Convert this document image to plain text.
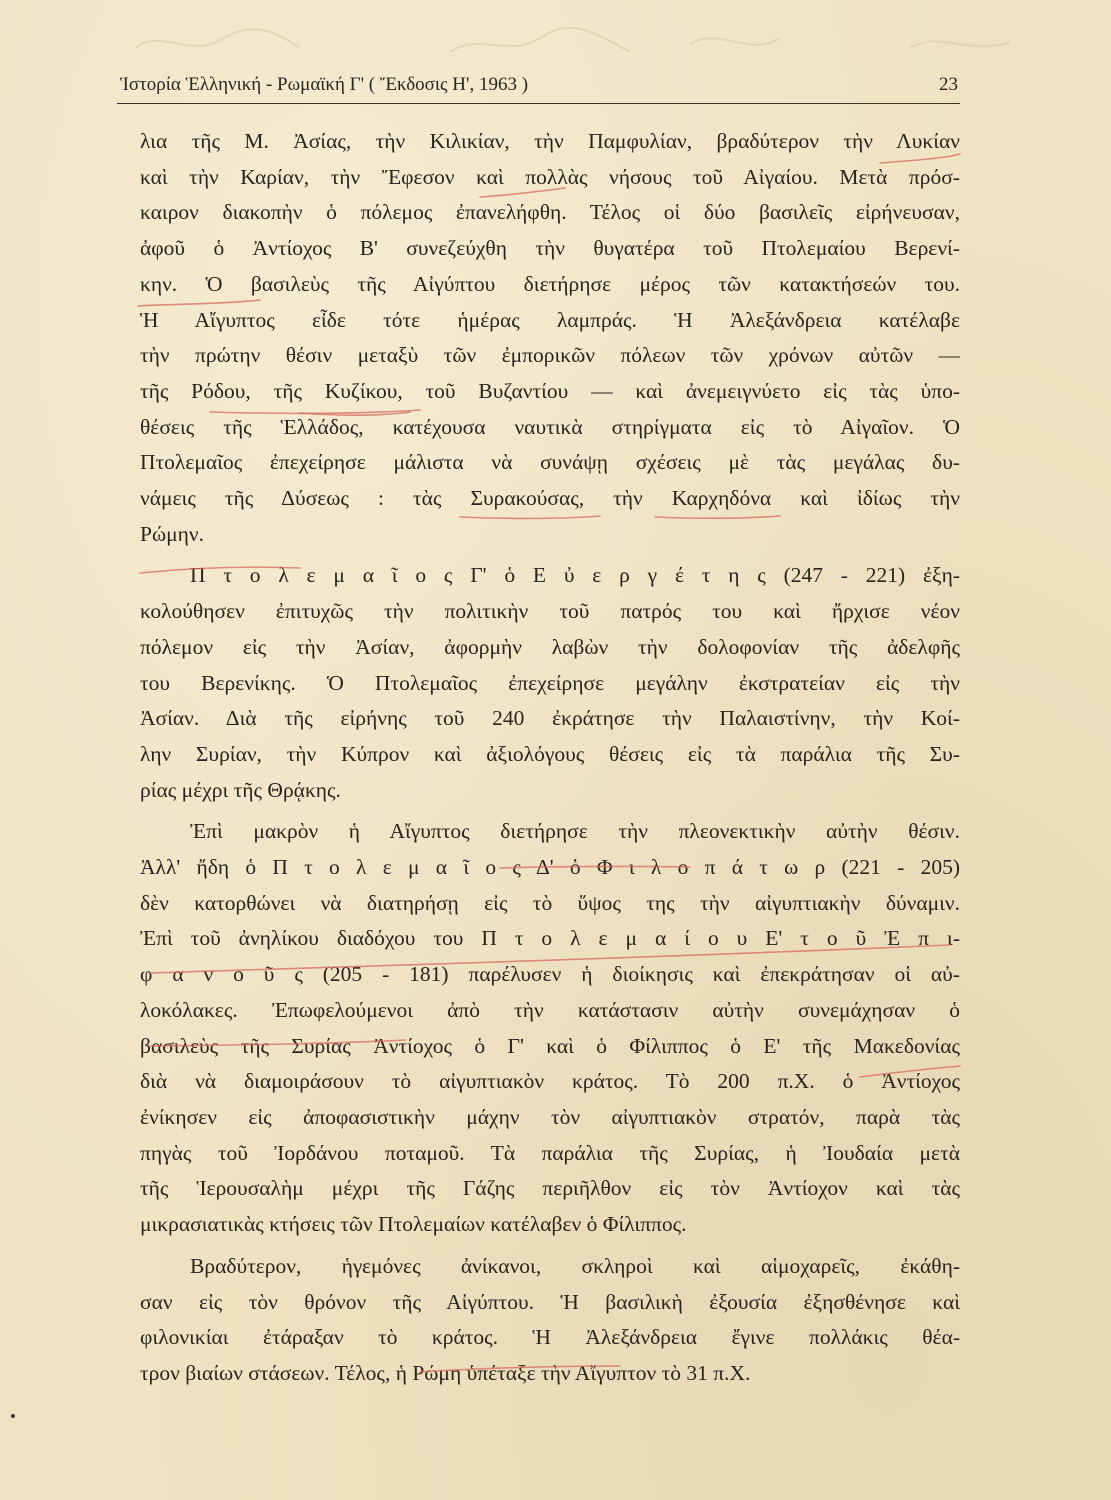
Ἱστορία Ἑλληνική - Ρωμαϊκή Γ' ( Ἔκδοσις Η', 1963 )	23
λια τῆς Μ. Ἀσίας, τὴν Κιλικίαν, τὴν Παμφυλίαν, βραδύτερον τὴν Λυκίαν
καὶ τὴν Καρίαν, τὴν Ἔφεσον καὶ πολλὰς νήσους τοῦ Αἰγαίου. Μετὰ πρόσ-
καιρον διακοπὴν ὁ πόλεμος ἐπανελήφθη. Τέλος οἱ δύο βασιλεῖς εἰρήνευσαν,
ἀφοῦ ὁ Ἀντίοχος Β' συνεζεύχθη τὴν θυγατέρα τοῦ Πτολεμαίου Βερενί-
κην. Ὁ βασιλεὺς τῆς Αἰγύπτου διετήρησε μέρος τῶν κατακτήσεών του.
Ἡ Αἴγυπτος εἶδε τότε ἡμέρας λαμπράς. Ἡ Ἀλεξάνδρεια κατέλαβε
τὴν πρώτην θέσιν μεταξὺ τῶν ἐμπορικῶν πόλεων τῶν χρόνων αὐτῶν —
τῆς Ρόδου, τῆς Κυζίκου, τοῦ Βυζαντίου — καὶ ἀνεμειγνύετο εἰς τὰς ὑπο-
θέσεις τῆς Ἑλλάδος, κατέχουσα ναυτικὰ στηρίγματα εἰς τὸ Αἰγαῖον. Ὁ
Πτολεμαῖος ἐπεχείρησε μάλιστα νὰ συνάψῃ σχέσεις μὲ τὰς μεγάλας δυ-
νάμεις τῆς Δύσεως : τὰς Συρακούσας, τὴν Καρχηδόνα καὶ ἰδίως τὴν
Ρώμην.
Π τ ο λ ε μ α ῖ ο ς Γ' ὁ Ε ὐ ε ρ γ έ τ η ς (247 - 221) ἐξη-
κολούθησεν ἐπιτυχῶς τὴν πολιτικὴν τοῦ πατρός του καὶ ἤρχισε νέον
πόλεμον εἰς τὴν Ἀσίαν, ἀφορμὴν λαβὼν τὴν δολοφονίαν τῆς ἀδελφῆς
του Βερενίκης. Ὁ Πτολεμαῖος ἐπεχείρησε μεγάλην ἐκστρατείαν εἰς τὴν
Ἀσίαν. Διὰ τῆς εἰρήνης τοῦ 240 ἐκράτησε τὴν Παλαιστίνην, τὴν Κοί-
λην Συρίαν, τὴν Κύπρον καὶ ἀξιολόγους θέσεις εἰς τὰ παράλια τῆς Συ-
ρίας μέχρι τῆς Θρᾴκης.
Ἐπὶ μακρὸν ἡ Αἴγυπτος διετήρησε τὴν πλεονεκτικὴν αὐτὴν θέσιν.
Ἀλλ' ἤδη ὁ Π τ ο λ ε μ α ῖ ο ς Δ' ὁ Φ ι λ ο π ά τ ω ρ (221 - 205)
δὲν κατορθώνει νὰ διατηρήσῃ εἰς τὸ ὕψος της τὴν αἰγυπτιακὴν δύναμιν.
Ἐπὶ τοῦ ἀνηλίκου διαδόχου του Π τ ο λ ε μ α ί ο υ Ε' τ ο ῦ Ἐ π ι-
φ α ν ο ῦ ς (205 - 181) παρέλυσεν ἡ διοίκησις καὶ ἐπεκράτησαν οἱ αὐ-
λοκόλακες. Ἐπωφελούμενοι ἀπὸ τὴν κατάστασιν αὐτὴν συνεμάχησαν ὁ
βασιλεὺς τῆς Συρίας Ἀντίοχος ὁ Γ' καὶ ὁ Φίλιππος ὁ Ε' τῆς Μακεδονίας
διὰ νὰ διαμοιράσουν τὸ αἰγυπτιακὸν κράτος. Τὸ 200 π.Χ. ὁ Ἀντίοχος
ἐνίκησεν εἰς ἀποφασιστικὴν μάχην τὸν αἰγυπτιακὸν στρατόν, παρὰ τὰς
πηγὰς τοῦ Ἰορδάνου ποταμοῦ. Τὰ παράλια τῆς Συρίας, ἡ Ἰουδαία μετὰ
τῆς Ἱερουσαλὴμ μέχρι τῆς Γάζης περιῆλθον εἰς τὸν Ἀντίοχον καὶ τὰς
μικρασιατικὰς κτήσεις τῶν Πτολεμαίων κατέλαβεν ὁ Φίλιππος.
Βραδύτερον, ἡγεμόνες ἀνίκανοι, σκληροὶ καὶ αἱμοχαρεῖς, ἐκάθη-
σαν εἰς τὸν θρόνον τῆς Αἰγύπτου. Ἡ βασιλικὴ ἐξουσία ἐξησθένησε καὶ
φιλονικίαι ἐτάραξαν τὸ κράτος. Ἡ Ἀλεξάνδρεια ἔγινε πολλάκις θέα-
τρον βιαίων στάσεων. Τέλος, ἡ Ρώμη ὑπέταξε τὴν Αἴγυπτον τὸ 31 π.Χ.
